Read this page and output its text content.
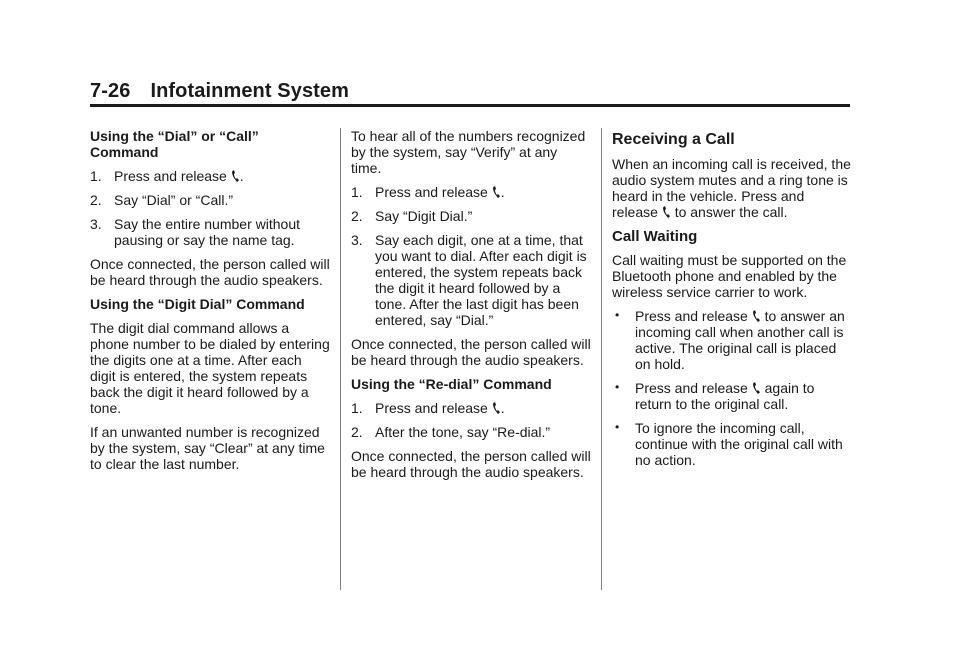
7-26 Infotainment System

Using the “Dial” or “Call” Command

1. Press and release .
2. Say “Dial” or “Call.”
3. Say the entire number without pausing or say the name tag.

Once connected, the person called will be heard through the audio speakers.

Using the “Digit Dial” Command

The digit dial command allows a phone number to be dialed by entering the digits one at a time. After each digit is entered, the system repeats back the digit it heard followed by a tone.

If an unwanted number is recognized by the system, say “Clear” at any time to clear the last number.

To hear all of the numbers recognized by the system, say “Verify” at any time.

1. Press and release .
2. Say “Digit Dial.”
3. Say each digit, one at a time, that you want to dial. After each digit is entered, the system repeats back the digit it heard followed by a tone. After the last digit has been entered, say “Dial.”

Once connected, the person called will be heard through the audio speakers.

Using the “Re-dial” Command

1. Press and release .
2. After the tone, say “Re-dial.”

Once connected, the person called will be heard through the audio speakers.

Receiving a Call

When an incoming call is received, the audio system mutes and a ring tone is heard in the vehicle. Press and release to answer the call.

Call Waiting

Call waiting must be supported on the Bluetooth phone and enabled by the wireless service carrier to work.

• Press and release to answer an incoming call when another call is active. The original call is placed on hold.
• Press and release again to return to the original call.
• To ignore the incoming call, continue with the original call with no action.
